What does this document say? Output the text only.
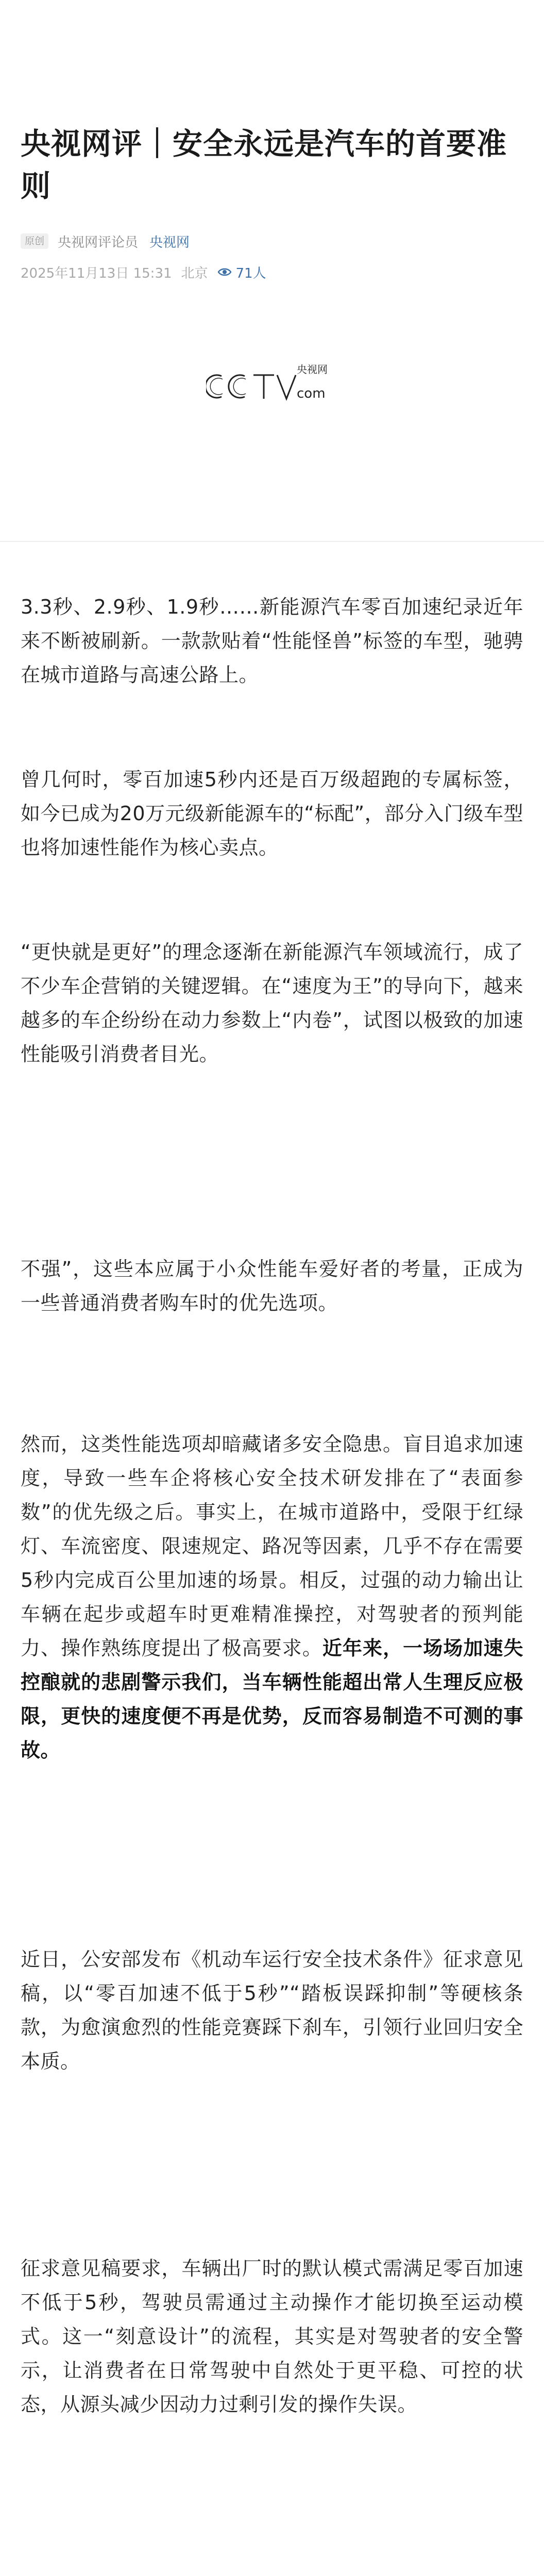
央视网评｜安全永远是汽车的首要准则
原创	央视网评论员 央视网
2025年11月13日 15:31 北京 71人
com
央视网

3.3秒、2.9秒、1.9秒……新能源汽车零百加速纪录近年来不断被刷新。一款款贴着“性能怪兽”标签的车型，驰骋在城市道路与高速公路上。

曾几何时，零百加速5秒内还是百万级超跑的专属标签，如今已成为20万元级新能源车的“标配”，部分入门级车型也将加速性能作为核心卖点。

“更快就是更好”的理念逐渐在新能源汽车领域流行，成了不少车企营销的关键逻辑。在“速度为王”的导向下，越来越多的车企纷纷在动力参数上“内卷”，试图以极致的加速性能吸引消费者目光。

不强”，这些本应属于小众性能车爱好者的考量，正成为一些普通消费者购车时的优先选项。

然而，这类性能选项却暗藏诸多安全隐患。盲目追求加速度，导致一些车企将核心安全技术研发排在了“表面参数”的优先级之后。事实上，在城市道路中，受限于红绿灯、车流密度、限速规定、路况等因素，几乎不存在需要5秒内完成百公里加速的场景。相反，过强的动力输出让车辆在起步或超车时更难精准操控，对驾驶者的预判能力、操作熟练度提出了极高要求。近年来，一场场加速失控酿就的悲剧警示我们，当车辆性能超出常人生理反应极限，更快的速度便不再是优势，反而容易制造不可测的事故。

近日，公安部发布《机动车运行安全技术条件》征求意见稿，以“零百加速不低于5秒”“踏板误踩抑制”等硬核条款，为愈演愈烈的性能竞赛踩下刹车，引领行业回归安全本质。

征求意见稿要求，车辆出厂时的默认模式需满足零百加速不低于5秒，驾驶员需通过主动操作才能切换至运动模式。这一“刻意设计”的流程，其实是对驾驶者的安全警示，让消费者在日常驾驶中自然处于更平稳、可控的状态，从源头减少因动力过剩引发的操作失误。
